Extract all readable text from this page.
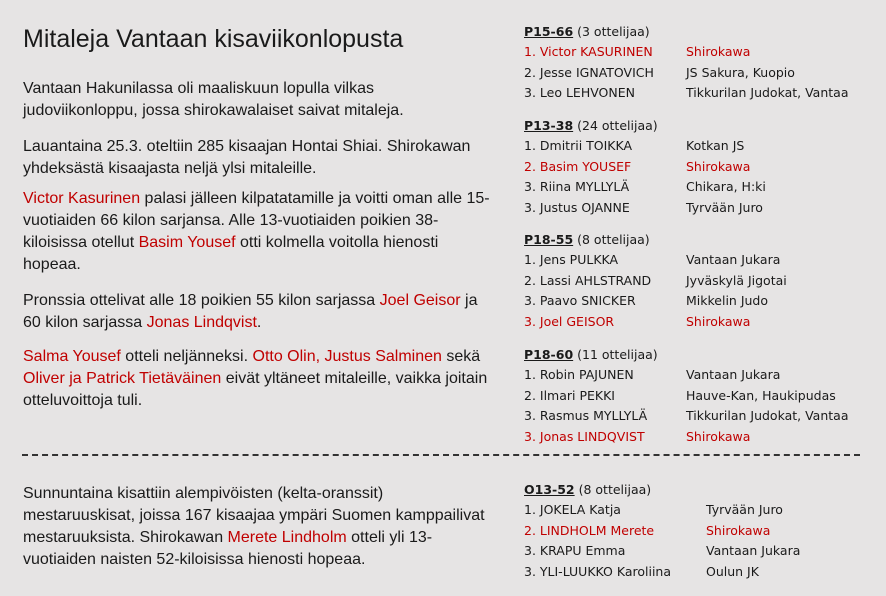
Mitaleja Vantaan kisaviikonlopusta

Vantaan Hakunilassa oli maaliskuun lopulla vilkas judoviikonloppu, jossa shirokawalaiset saivat mitaleja.

Lauantaina 25.3. oteltiin 285 kisaajan Hontai Shiai. Shirokawan yhdeksästä kisaajasta neljä ylsi mitaleille.

Victor Kasurinen palasi jälleen kilpatatamille ja voitti oman alle 15-vuotiaiden 66 kilon sarjansa. Alle 13-vuotiaiden poikien 38-kiloisissa otellut Basim Yousef otti kolmella voitolla hienosti hopeaa.

Pronssia ottelivat alle 18 poikien 55 kilon sarjassa Joel Geisor ja 60 kilon sarjassa Jonas Lindqvist.

Salma Yousef otteli neljänneksi. Otto Olin, Justus Salminen sekä Oliver ja Patrick Tietäväinen eivät yltäneet mitaleille, vaikka joitain otteluvoittoja tuli.

Sunnuntaina kisattiin alempivöisten (kelta-oranssit) mestaruuskisat, joissa 167 kisaajaa ympäri Suomen kamppailivat mestaruuksista. Shirokawan Merete Lindholm otteli yli 13-vuotiaiden naisten 52-kiloisissa hienosti hopeaa.

P15-66 (3 ottelijaa)
1. Victor KASURINEN	Shirokawa
2. Jesse IGNATOVICH	JS Sakura, Kuopio
3. Leo LEHVONEN	Tikkurilan Judokat, Vantaa
P13-38 (24 ottelijaa)
1. Dmitrii TOIKKA	Kotkan JS
2. Basim YOUSEF	Shirokawa
3. Riina MYLLYLÄ	Chikara, H:ki
3. Justus OJANNE	Tyrvään Juro
P18-55 (8 ottelijaa)
1. Jens PULKKA	Vantaan Jukara
2. Lassi AHLSTRAND	Jyväskylä Jigotai
3. Paavo SNICKER	Mikkelin Judo
3. Joel GEISOR	Shirokawa
P18-60 (11 ottelijaa)
1. Robin PAJUNEN	Vantaan Jukara
2. Ilmari PEKKI	Hauve-Kan, Haukipudas
3. Rasmus MYLLYLÄ	Tikkurilan Judokat, Vantaa
3. Jonas LINDQVIST	Shirokawa
O13-52 (8 ottelijaa)
1. JOKELA Katja	Tyrvään Juro
2. LINDHOLM Merete	Shirokawa
3. KRAPU Emma	Vantaan Jukara
3. YLI-LUUKKO Karoliina	Oulun JK
